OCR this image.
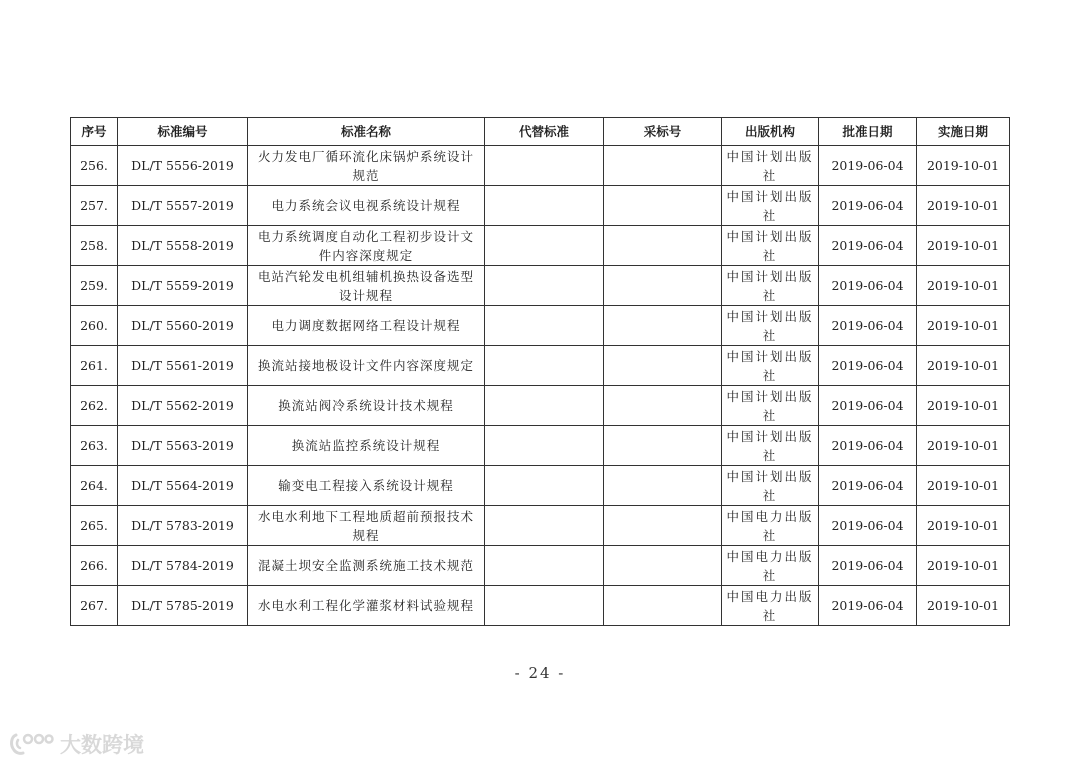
序号	标准编号	标准名称	代替标准	采标号	出版机构	批准日期	实施日期
256.	DL/T 5556-2019	火力发电厂循环流化床锅炉系统设计规范			中国计划出版社	2019-06-04	2019-10-01
257.	DL/T 5557-2019	电力系统会议电视系统设计规程			中国计划出版社	2019-06-04	2019-10-01
258.	DL/T 5558-2019	电力系统调度自动化工程初步设计文件内容深度规定			中国计划出版社	2019-06-04	2019-10-01
259.	DL/T 5559-2019	电站汽轮发电机组辅机换热设备选型设计规程			中国计划出版社	2019-06-04	2019-10-01
260.	DL/T 5560-2019	电力调度数据网络工程设计规程			中国计划出版社	2019-06-04	2019-10-01
261.	DL/T 5561-2019	换流站接地极设计文件内容深度规定			中国计划出版社	2019-06-04	2019-10-01
262.	DL/T 5562-2019	换流站阀冷系统设计技术规程			中国计划出版社	2019-06-04	2019-10-01
263.	DL/T 5563-2019	换流站监控系统设计规程			中国计划出版社	2019-06-04	2019-10-01
264.	DL/T 5564-2019	输变电工程接入系统设计规程			中国计划出版社	2019-06-04	2019-10-01
265.	DL/T 5783-2019	水电水利地下工程地质超前预报技术规程			中国电力出版社	2019-06-04	2019-10-01
266.	DL/T 5784-2019	混凝土坝安全监测系统施工技术规范			中国电力出版社	2019-06-04	2019-10-01
267.	DL/T 5785-2019	水电水利工程化学灌浆材料试验规程			中国电力出版社	2019-06-04	2019-10-01
- 24 -
大数跨境
